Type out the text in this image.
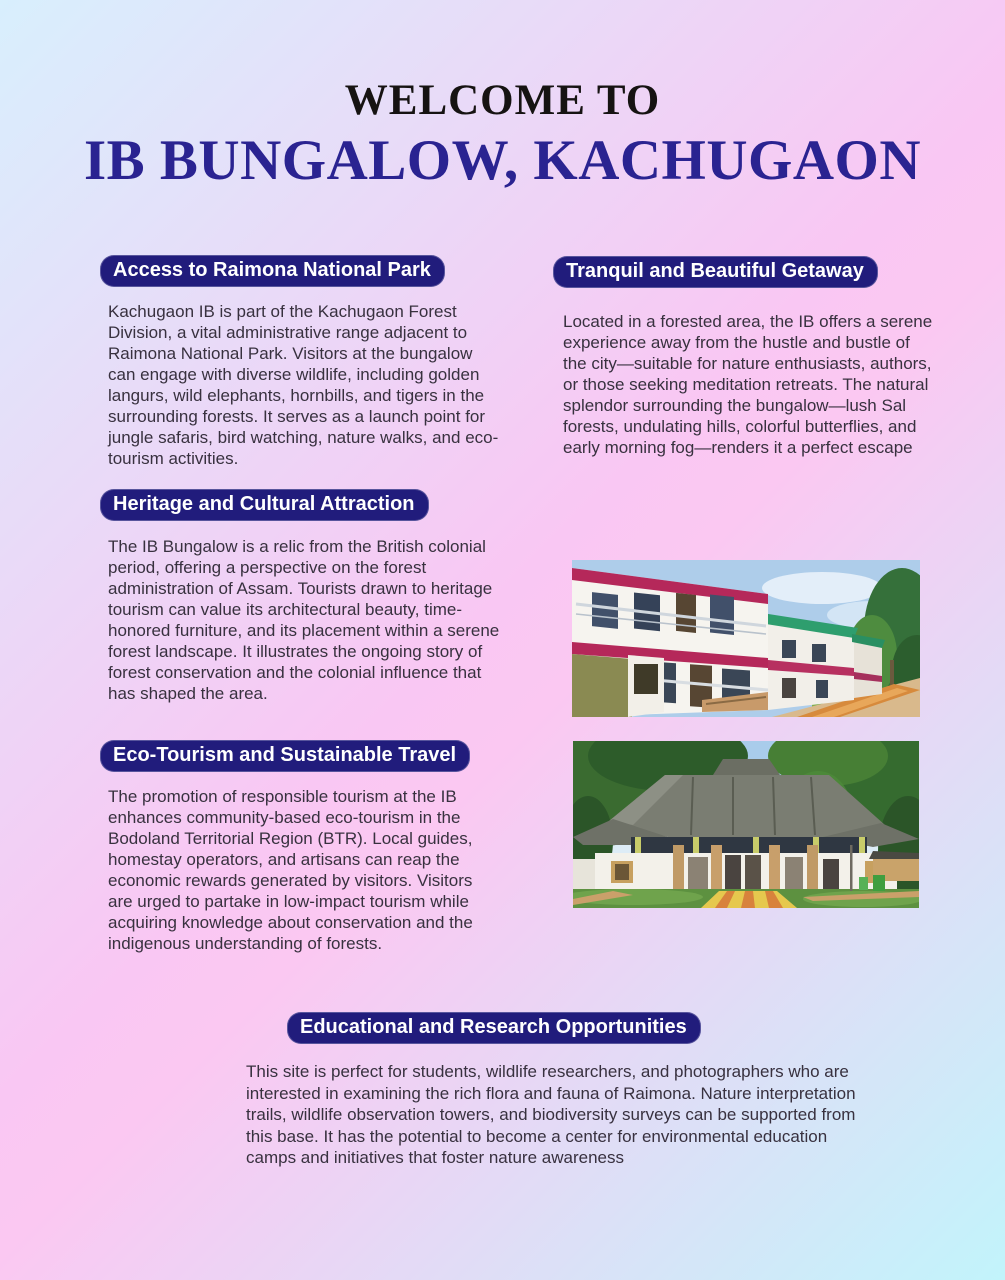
WELCOME TO
IB BUNGALOW, KACHUGAON
Access to Raimona National Park
Kachugaon IB is part of the Kachugaon Forest Division, a vital administrative range adjacent to Raimona National Park. Visitors at the bungalow can engage with diverse wildlife, including golden langurs, wild elephants, hornbills, and tigers in the surrounding forests. It serves as a launch point for jungle safaris, bird watching, nature walks, and eco-tourism activities.
Heritage and Cultural Attraction
The IB Bungalow is a relic from the British colonial period, offering a perspective on the forest administration of Assam. Tourists drawn to heritage tourism can value its architectural beauty, time-honored furniture, and its placement within a serene forest landscape. It illustrates the ongoing story of forest conservation and the colonial influence that has shaped the area.
Eco-Tourism and Sustainable Travel
The promotion of responsible tourism at the IB enhances community-based eco-tourism in the Bodoland Territorial Region (BTR). Local guides, homestay operators, and artisans can reap the economic rewards generated by visitors. Visitors are urged to partake in low-impact tourism while acquiring knowledge about conservation and the indigenous understanding of forests.
Tranquil and Beautiful Getaway
Located in a forested area, the IB offers a serene experience away from the hustle and bustle of the city—suitable for nature enthusiasts, authors, or those seeking meditation retreats. The natural splendor surrounding the bungalow—lush Sal forests, undulating hills, colorful butterflies, and early morning fog—renders it a perfect escape
Educational and Research Opportunities
This site is perfect for students, wildlife researchers, and photographers who are interested in examining the rich flora and fauna of Raimona. Nature interpretation trails, wildlife observation towers, and biodiversity surveys can be supported from this base. It has the potential to become a center for environmental education camps and initiatives that foster nature awareness
